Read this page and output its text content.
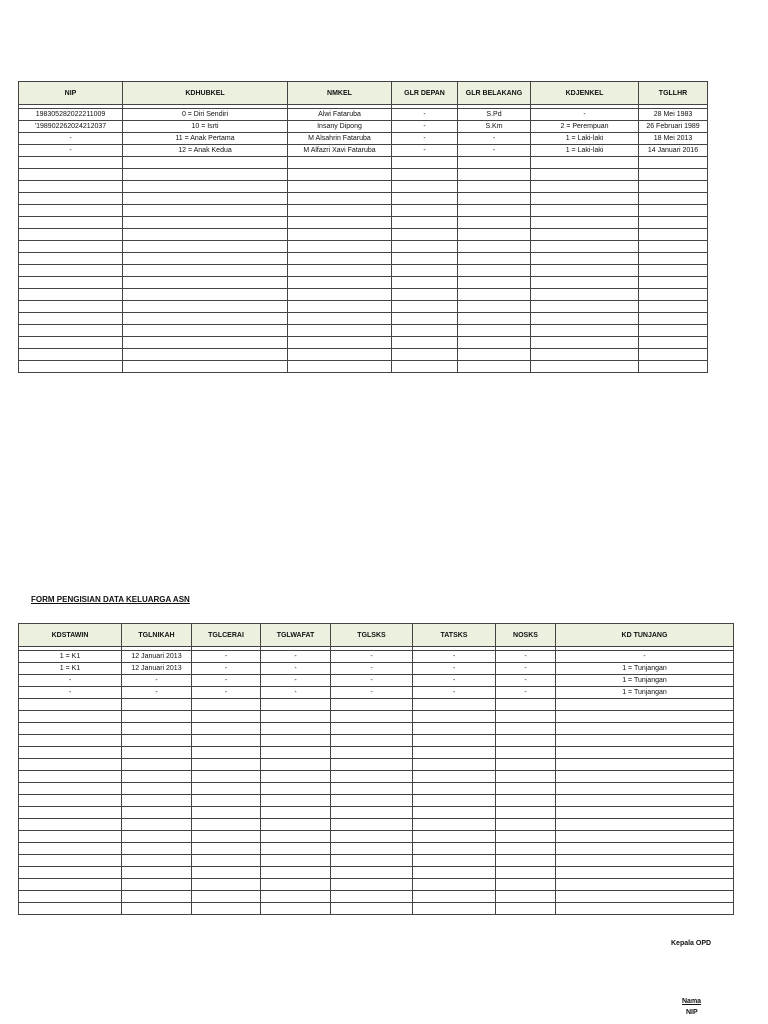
NIP	KDHUBKEL	NMKEL	GLR DEPAN	GLR BELAKANG	KDJENKEL	TGLLHR

198305282022211009	0 = Diri Sendiri	Alwi Fataruba	-	S.Pd	-	28 Mei 1983
'198902262024212037	10 = Isrti	Insany Dipong	-	S.Km	2 = Perempuan	26 Februari 1989
-	11 = Anak Pertama	M Alsahrin Fataruba	-	-	1 = Laki-laki	18 Mei 2013
-	12 = Anak Kedua	M Alfazri Xavi Fataruba	-	-	1 = Laki-laki	14 Januari 2016

FORM PENGISIAN DATA KELUARGA ASN
KDSTAWIN	TGLNIKAH	TGLCERAI	TGLWAFAT	TGLSKS	TATSKS	NOSKS	KD TUNJANG

1 = K1	12 Januari 2013	-	-	-	-	-	-
1 = K1	12 Januari 2013	-	-	-	-	-	1 = Tunjangan
-	-	-	-	-	-	-	1 = Tunjangan
-	-	-	-	-	-	-	1 = Tunjangan

Kepala OPD
Nama
NIP
